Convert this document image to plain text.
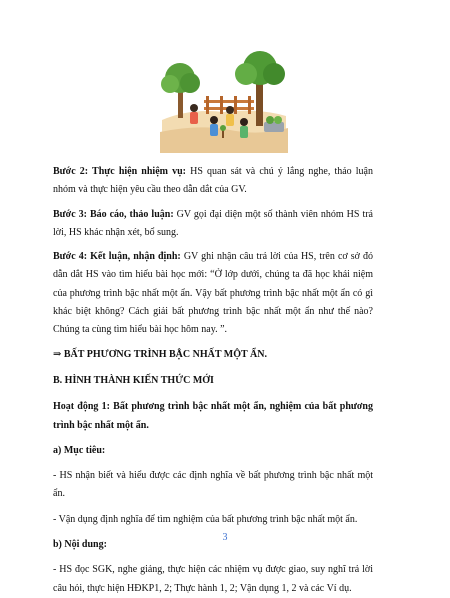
Bước 2: Thực hiện nhiệm vụ: HS quan sát và chú ý lắng nghe, thảo luận nhóm và thực hiện yêu cầu theo dẫn dắt của GV.

Bước 3: Báo cáo, thảo luận: GV gọi đại diện một số thành viên nhóm HS trả lời, HS khác nhận xét, bổ sung.

Bước 4: Kết luận, nhận định: GV ghi nhận câu trả lời của HS, trên cơ sở đó dẫn dắt HS vào tìm hiểu bài học mới: “Ở lớp dưới, chúng ta đã học khái niệm của phương trình bậc nhất một ẩn. Vậy bất phương trình bậc nhất một ẩn có gì khác biệt không? Cách giải bất phương trình bậc nhất một ẩn như thế nào? Chúng ta cùng tìm hiểu bài học hôm nay. ”.

⇒ BẤT PHƯƠNG TRÌNH BẬC NHẤT MỘT ẨN.

B. HÌNH THÀNH KIẾN THỨC MỚI

Hoạt động 1: Bất phương trình bậc nhất một ẩn, nghiệm của bất phương trình bậc nhất một ẩn.

a) Mục tiêu:

- HS nhận biết và hiểu được các định nghĩa về bất phương trình bậc nhất một ẩn.

- Vận dụng định nghĩa để tìm nghiệm của bất phương trình bậc nhất một ẩn.

b) Nội dung:

- HS đọc SGK, nghe giảng, thực hiện các nhiệm vụ được giao, suy nghĩ trả lời câu hỏi, thực hiện HĐKP1, 2; Thực hành 1, 2; Vận dụng 1, 2 và các Ví dụ.

3
